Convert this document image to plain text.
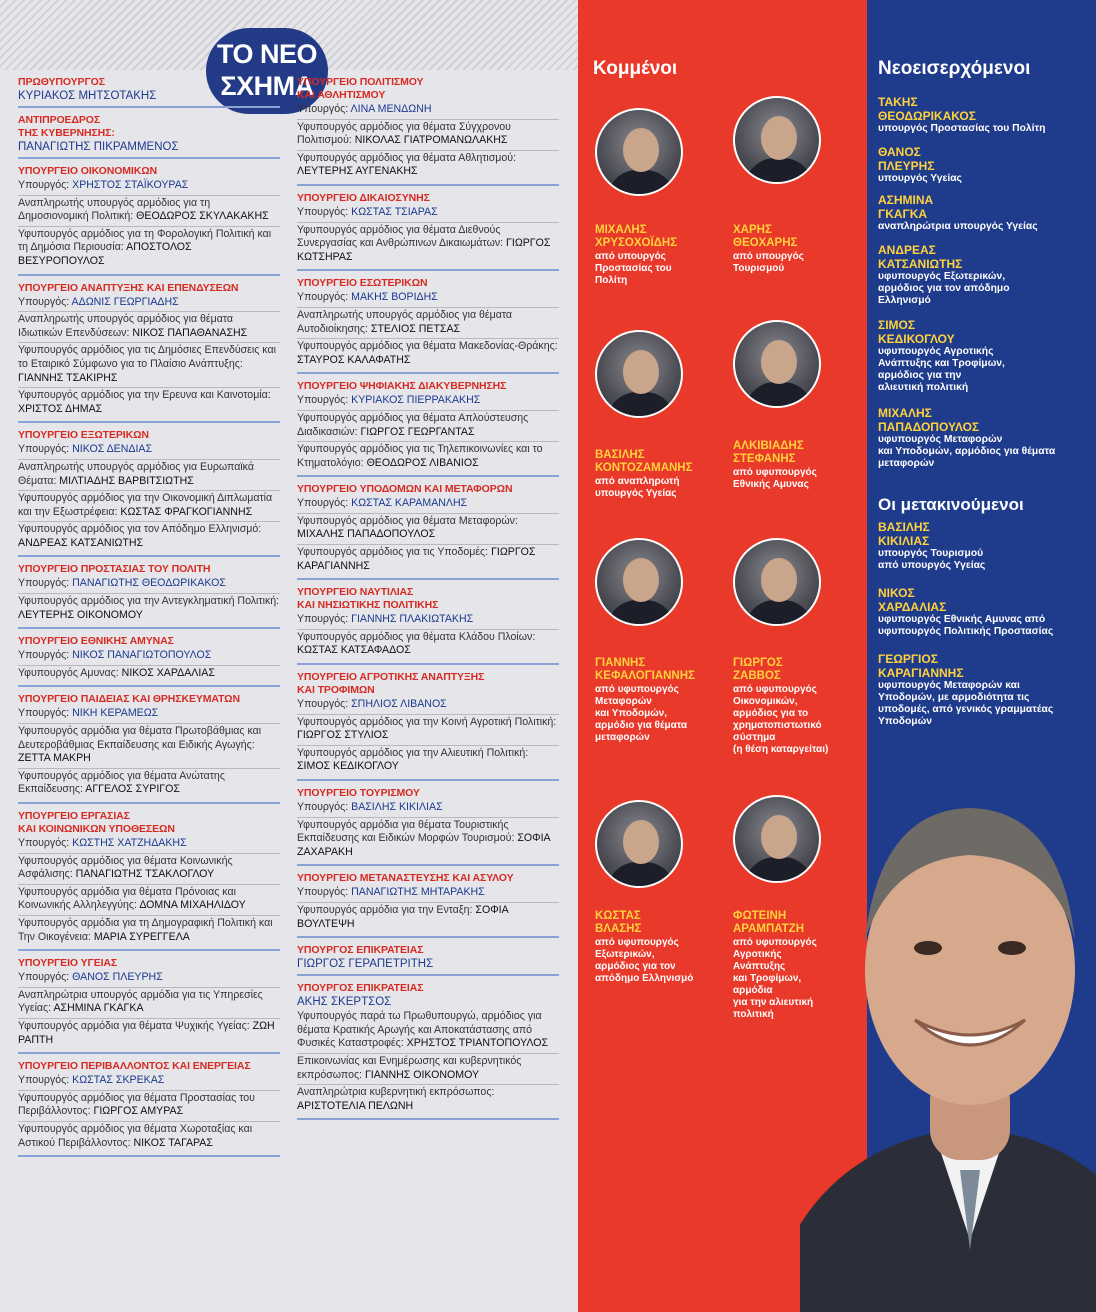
ΤΟ ΝΕΟ
ΣΧΗΜΑ
ΠΡΩΘΥΠΟΥΡΓΟΣ
ΚΥΡΙΑΚΟΣ ΜΗΤΣΟΤΑΚΗΣ
ΑΝΤΙΠΡΟΕΔΡΟΣ
ΤΗΣ ΚΥΒΕΡΝΗΣΗΣ:
ΠΑΝΑΓΙΩΤΗΣ ΠΙΚΡΑΜΜΕΝΟΣ
ΥΠΟΥΡΓΕΙΟ ΟΙΚΟΝΟΜΙΚΩΝ
Υπουργός: ΧΡΗΣΤΟΣ ΣΤΑΪΚΟΥΡΑΣ
Αναπληρωτής υπουργός αρμόδιος για τη Δημοσιονομική Πολιτική: ΘΕΟΔΩΡΟΣ ΣΚΥΛΑΚΑΚΗΣ
Υφυπουργός αρμόδιος για τη Φορολογική Πολιτική και τη Δημόσια Περιουσία: ΑΠΟΣΤΟΛΟΣ ΒΕΣΥΡΟΠΟΥΛΟΣ
ΥΠΟΥΡΓΕΙΟ ΑΝΑΠΤΥΞΗΣ ΚΑΙ ΕΠΕΝΔΥΣΕΩΝ
Υπουργός: ΑΔΩΝΙΣ ΓΕΩΡΓΙΑΔΗΣ
Αναπληρωτής υπουργός αρμόδιος για θέματα Ιδιωτικών Επενδύσεων: ΝΙΚΟΣ ΠΑΠΑΘΑΝΑΣΗΣ
Υφυπουργός αρμόδιος για τις Δημόσιες Επενδύσεις και το Εταιρικό Σύμφωνο για το Πλαίσιο Ανάπτυξης: ΓΙΑΝΝΗΣ ΤΣΑΚΙΡΗΣ
Υφυπουργός αρμόδιος για την Ερευνα και Καινοτομία: ΧΡΙΣΤΟΣ ΔΗΜΑΣ
ΥΠΟΥΡΓΕΙΟ ΕΞΩΤΕΡΙΚΩΝ
Υπουργός: ΝΙΚΟΣ ΔΕΝΔΙΑΣ
Αναπληρωτής υπουργός αρμόδιος για Ευρωπαϊκά Θέματα: ΜΙΛΤΙΑΔΗΣ ΒΑΡΒΙΤΣΙΩΤΗΣ
Υφυπουργός αρμόδιος για την Οικονομική Διπλωματία και την Εξωστρέφεια: ΚΩΣΤΑΣ ΦΡΑΓΚΟΓΙΑΝΝΗΣ
Υφυπουργός αρμόδιος για τον Απόδημο Ελληνισμό: ΑΝΔΡΕΑΣ ΚΑΤΣΑΝΙΩΤΗΣ
ΥΠΟΥΡΓΕΙΟ ΠΡΟΣΤΑΣΙΑΣ ΤΟΥ ΠΟΛΙΤΗ
Υπουργός: ΠΑΝΑΓΙΩΤΗΣ ΘΕΟΔΩΡΙΚΑΚΟΣ
Υφυπουργός αρμόδιος για την Αντεγκληματική Πολιτική: ΛΕΥΤΕΡΗΣ ΟΙΚΟΝΟΜΟΥ
ΥΠΟΥΡΓΕΙΟ ΕΘΝΙΚΗΣ ΑΜΥΝΑΣ
Υπουργός: ΝΙΚΟΣ ΠΑΝΑΓΙΩΤΟΠΟΥΛΟΣ
Υφυπουργός Αμυνας: ΝΙΚΟΣ ΧΑΡΔΑΛΙΑΣ
ΥΠΟΥΡΓΕΙΟ ΠΑΙΔΕΙΑΣ ΚΑΙ ΘΡΗΣΚΕΥΜΑΤΩΝ
Υπουργός: ΝΙΚΗ ΚΕΡΑΜΕΩΣ
Υφυπουργός αρμόδια για θέματα Πρωτοβάθμιας και Δευτεροβάθμιας Εκπαίδευσης και Ειδικής Αγωγής: ΖΕΤΤΑ ΜΑΚΡΗ
Υφυπουργός αρμόδιος για θέματα Ανώτατης Εκπαίδευσης: ΑΓΓΕΛΟΣ ΣΥΡΙΓΟΣ
ΥΠΟΥΡΓΕΙΟ ΕΡΓΑΣΙΑΣ
ΚΑΙ ΚΟΙΝΩΝΙΚΩΝ ΥΠΟΘΕΣΕΩΝ
Υπουργός: ΚΩΣΤΗΣ ΧΑΤΖΗΔΑΚΗΣ
Υφυπουργός αρμόδιος για θέματα Κοινωνικής Ασφάλισης: ΠΑΝΑΓΙΩΤΗΣ ΤΣΑΚΛΟΓΛΟΥ
Υφυπουργός αρμόδια για θέματα Πρόνοιας και Κοινωνικής Αλληλεγγύης: ΔΟΜΝΑ ΜΙΧΑΗΛΙΔΟΥ
Υφυπουργός αρμόδια για τη Δημογραφική Πολιτική και Την Οικογένεια: ΜΑΡΙΑ ΣΥΡΕΓΓΕΛΑ
ΥΠΟΥΡΓΕΙΟ ΥΓΕΙΑΣ
Υπουργός: ΘΑΝΟΣ ΠΛΕΥΡΗΣ
Αναπληρώτρια υπουργός αρμόδια για τις Υπηρεσίες Υγείας: ΑΣΗΜΙΝΑ ΓΚΑΓΚΑ
Υφυπουργός αρμόδια για θέματα Ψυχικής Υγείας: ΖΩΗ ΡΑΠΤΗ
ΥΠΟΥΡΓΕΙΟ ΠΕΡΙΒΑΛΛΟΝΤΟΣ ΚΑΙ ΕΝΕΡΓΕΙΑΣ
Υπουργός: ΚΩΣΤΑΣ ΣΚΡΕΚΑΣ
Υφυπουργός αρμόδιος για θέματα Προστασίας του Περιβάλλοντος: ΓΙΩΡΓΟΣ ΑΜΥΡΑΣ
Υφυπουργός αρμόδιος για θέματα Χωροταξίας και Αστικού Περιβάλλοντος: ΝΙΚΟΣ ΤΑΓΑΡΑΣ
ΥΠΟΥΡΓΕΙΟ ΠΟΛΙΤΙΣΜΟΥ
ΚΑΙ ΑΘΛΗΤΙΣΜΟΥ
Υπουργός: ΛΙΝΑ ΜΕΝΔΩΝΗ
Υφυπουργός αρμόδιος για θέματα Σύγχρονου Πολιτισμού: ΝΙΚΟΛΑΣ ΓΙΑΤΡΟΜΑΝΩΛΑΚΗΣ
Υφυπουργός αρμόδιος για θέματα Αθλητισμού: ΛΕΥΤΕΡΗΣ ΑΥΓΕΝΑΚΗΣ
ΥΠΟΥΡΓΕΙΟ ΔΙΚΑΙΟΣΥΝΗΣ
Υπουργός: ΚΩΣΤΑΣ ΤΣΙΑΡΑΣ
Υφυπουργός αρμόδιος για θέματα Διεθνούς Συνεργασίας και Ανθρώπινων Δικαιωμάτων: ΓΙΩΡΓΟΣ ΚΩΤΣΗΡΑΣ
ΥΠΟΥΡΓΕΙΟ ΕΣΩΤΕΡΙΚΩΝ
Υπουργός: ΜΑΚΗΣ ΒΟΡΙΔΗΣ
Αναπληρωτής υπουργός αρμόδιος για θέματα Αυτοδιοίκησης: ΣΤΕΛΙΟΣ ΠΕΤΣΑΣ
Υφυπουργός αρμόδιος για θέματα Μακεδονίας-Θράκης: ΣΤΑΥΡΟΣ ΚΑΛΑΦΑΤΗΣ
ΥΠΟΥΡΓΕΙΟ ΨΗΦΙΑΚΗΣ ΔΙΑΚΥΒΕΡΝΗΣΗΣ
Υπουργός: ΚΥΡΙΑΚΟΣ ΠΙΕΡΡΑΚΑΚΗΣ
Υφυπουργός αρμόδιος για θέματα Απλούστευσης Διαδικασιών: ΓΙΩΡΓΟΣ ΓΕΩΡΓΑΝΤΑΣ
Υφυπουργός αρμόδιος για τις Τηλεπικοινωνίες και το Κτηματολόγιο: ΘΕΟΔΩΡΟΣ ΛΙΒΑΝΙΟΣ
ΥΠΟΥΡΓΕΙΟ ΥΠΟΔΟΜΩΝ ΚΑΙ ΜΕΤΑΦΟΡΩΝ
Υπουργός: ΚΩΣΤΑΣ ΚΑΡΑΜΑΝΛΗΣ
Υφυπουργός αρμόδιος για θέματα Μεταφορών: ΜΙΧΑΛΗΣ ΠΑΠΑΔΟΠΟΥΛΟΣ
Υφυπουργός αρμόδιος για τις Υποδομές: ΓΙΩΡΓΟΣ ΚΑΡΑΓΙΑΝΝΗΣ
ΥΠΟΥΡΓΕΙΟ ΝΑΥΤΙΛΙΑΣ
ΚΑΙ ΝΗΣΙΩΤΙΚΗΣ ΠΟΛΙΤΙΚΗΣ
Υπουργός: ΓΙΑΝΝΗΣ ΠΛΑΚΙΩΤΑΚΗΣ
Υφυπουργός αρμόδιος για θέματα Κλάδου Πλοίων: ΚΩΣΤΑΣ ΚΑΤΣΑΦΑΔΟΣ
ΥΠΟΥΡΓΕΙΟ ΑΓΡΟΤΙΚΗΣ ΑΝΑΠΤΥΞΗΣ
ΚΑΙ ΤΡΟΦΙΜΩΝ
Υπουργός: ΣΠΗΛΙΟΣ ΛΙΒΑΝΟΣ
Υφυπουργός αρμόδιος για την Κοινή Αγροτική Πολιτική: ΓΙΩΡΓΟΣ ΣΤΥΛΙΟΣ
Υφυπουργός αρμόδιος για την Αλιευτική Πολιτική: ΣΙΜΟΣ ΚΕΔΙΚΟΓΛΟΥ
ΥΠΟΥΡΓΕΙΟ ΤΟΥΡΙΣΜΟΥ
Υπουργός: ΒΑΣΙΛΗΣ ΚΙΚΙΛΙΑΣ
Υφυπουργός αρμόδια για θέματα Τουριστικής Εκπαίδευσης και Ειδικών Μορφών Τουρισμού: ΣΟΦΙΑ ΖΑΧΑΡΑΚΗ
ΥΠΟΥΡΓΕΙΟ ΜΕΤΑΝΑΣΤΕΥΣΗΣ ΚΑΙ ΑΣΥΛΟΥ
Υπουργός: ΠΑΝΑΓΙΩΤΗΣ ΜΗΤΑΡΑΚΗΣ
Υφυπουργός αρμόδια για την Ενταξη: ΣΟΦΙΑ ΒΟΥΛΤΕΨΗ
ΥΠΟΥΡΓΟΣ ΕΠΙΚΡΑΤΕΙΑΣ
ΓΙΩΡΓΟΣ ΓΕΡΑΠΕΤΡΙΤΗΣ
ΥΠΟΥΡΓΟΣ ΕΠΙΚΡΑΤΕΙΑΣ
ΑΚΗΣ ΣΚΕΡΤΣΟΣ
Υφυπουργός παρά τω Πρωθυπουργώ, αρμόδιος για θέματα Κρατικής Αρωγής και Αποκατάστασης από Φυσικές Καταστροφές: ΧΡΗΣΤΟΣ ΤΡΙΑΝΤΟΠΟΥΛΟΣ
Επικοινωνίας και Ενημέρωσης και κυβερνητικός εκπρόσωπος: ΓΙΑΝΝΗΣ ΟΙΚΟΝΟΜΟΥ
Αναπληρώτρια κυβερνητική εκπρόσωπος: ΑΡΙΣΤΟΤΕΛΙΑ ΠΕΛΩΝΗ
Κομμένοι	Νεοεισερχόμενοι
ΜΙΧΑΛΗΣ
ΧΡΥΣΟΧΟΪΔΗΣ
από υπουργός
Προστασίας του
Πολίτη
ΧΑΡΗΣ
ΘΕΟΧΑΡΗΣ
από υπουργός
Τουρισμού
ΒΑΣΙΛΗΣ
ΚΟΝΤΟΖΑΜΑΝΗΣ
από αναπληρωτή
υπουργός Υγείας
ΑΛΚΙΒΙΑΔΗΣ
ΣΤΕΦΑΝΗΣ
από υφυπουργός
Εθνικής Αμυνας
ΓΙΑΝΝΗΣ
ΚΕΦΑΛΟΓΙΑΝΝΗΣ
από υφυπουργός
Μεταφορών
και Υποδομών,
αρμόδιο για θέματα
μεταφορών
ΓΙΩΡΓΟΣ
ΖΑΒΒΟΣ
από υφυπουργός
Οικονομικών,
αρμόδιος για το
χρηματοπιστωτικό
σύστημα
(η θέση καταργείται)
ΚΩΣΤΑΣ
ΒΛΑΣΗΣ
από υφυπουργός
Εξωτερικών,
αρμόδιος για τον
απόδημο Ελληνισμό
ΦΩΤΕΙΝΗ
ΑΡΑΜΠΑΤΖΗ
από υφυπουργός
Αγροτικής
Ανάπτυξης
και Τροφίμων,
αρμόδια
για την αλιευτική
πολιτική
ΤΑΚΗΣ
ΘΕΟΔΩΡΙΚΑΚΟΣ
υπουργός Προστασίας του Πολίτη
ΘΑΝΟΣ
ΠΛΕΥΡΗΣ
υπουργός Υγείας
ΑΣΗΜΙΝΑ
ΓΚΑΓΚΑ
αναπληρώτρια υπουργός Υγείας
ΑΝΔΡΕΑΣ
ΚΑΤΣΑΝΙΩΤΗΣ
υφυπουργός Εξωτερικών,
αρμόδιος για τον απόδημο
Ελληνισμό
ΣΙΜΟΣ
ΚΕΔΙΚΟΓΛΟΥ
υφυπουργός Αγροτικής
Ανάπτυξης και Τροφίμων,
αρμόδιος για την
αλιευτική πολιτική
ΜΙΧΑΛΗΣ
ΠΑΠΑΔΟΠΟΥΛΟΣ
υφυπουργός Μεταφορών
και Υποδομών, αρμόδιος για θέματα
μεταφορών
Οι μετακινούμενοι
ΒΑΣΙΛΗΣ
ΚΙΚΙΛΙΑΣ
υπουργός Τουρισμού
από υπουργός Υγείας
ΝΙΚΟΣ
ΧΑΡΔΑΛΙΑΣ
υφυπουργός Εθνικής Αμυνας από
υφυπουργός Πολιτικής Προστασίας
ΓΕΩΡΓΙΟΣ
ΚΑΡΑΓΙΑΝΝΗΣ
υφυπουργός Μεταφορών και
Υποδομών, με αρμοδιότητα τις
υποδομές, από γενικός γραμματέας
Υποδομών
